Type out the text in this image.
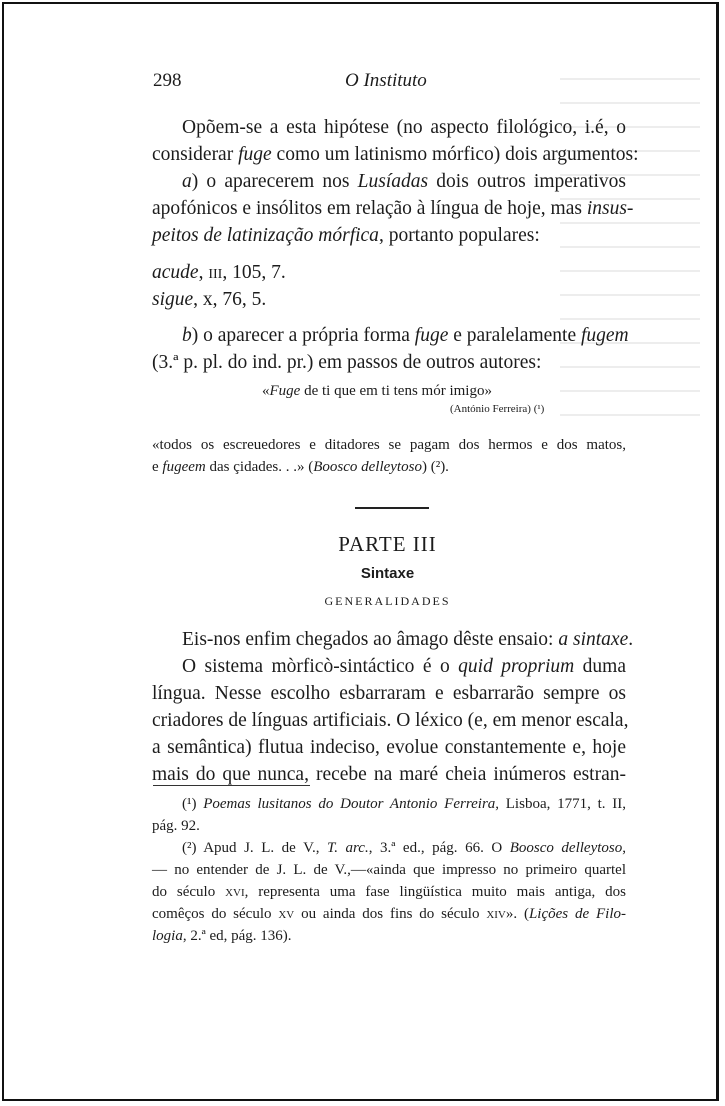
298	O Instituto
Opõem-se a esta hipótese (no aspecto filológico, i.é, o
considerar fuge como um latinismo mórfico) dois argumentos:
a) o aparecerem nos Lusíadas dois outros imperativos
apofónicos e insólitos em relação à língua de hoje, mas insus-
peitos de latinização mórfica, portanto populares:
acude, iii, 105, 7.
sigue, x, 76, 5.
b) o aparecer a própria forma fuge e paralelamente fugem
(3.ª p. pl. do ind. pr.) em passos de outros autores:
«Fuge de ti que em ti tens mór imigo»
(António Ferreira) (¹)
«todos os escreuedores e ditadores se pagam dos hermos e dos matos,
e fugeem das çidades. . .» (Boosco delleytoso) (²).
PARTE III
Sintaxe
GENERALIDADES
Eis-nos enfim chegados ao âmago dêste ensaio: a sintaxe.
O sistema mòrficò-sintáctico é o quid proprium duma
língua. Nesse escolho esbarraram e esbarrarão sempre os
criadores de línguas artificiais. O léxico (e, em menor escala,
a semântica) flutua indeciso, evolue constantemente e, hoje
mais do que nunca, recebe na maré cheia inúmeros estran-
(¹) Poemas lusitanos do Doutor Antonio Ferreira, Lisboa, 1771, t. II,
pág. 92.
(²) Apud J. L. de V., T. arc., 3.ª ed., pág. 66. O Boosco delleytoso,
— no entender de J. L. de V.,—«ainda que impresso no primeiro quartel
do século xvi, representa uma fase lingüística muito mais antiga, dos
comêços do século xv ou ainda dos fins do século xiv». (Lições de Filo-
logia, 2.ª ed, pág. 136).
